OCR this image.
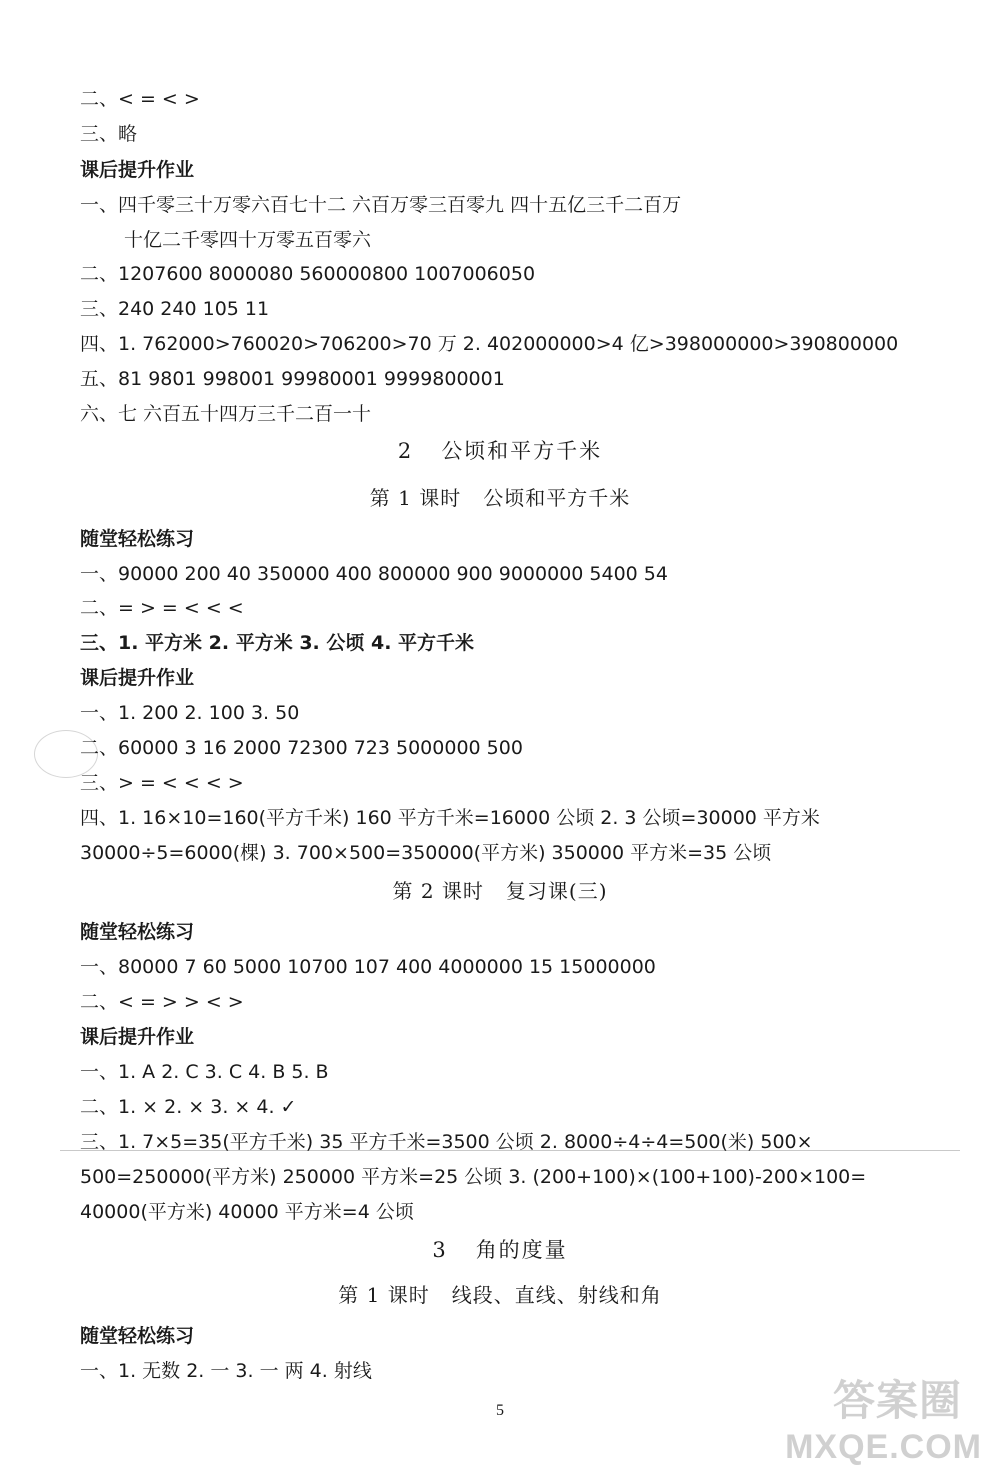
二、< = < >
三、略
课后提升作业
一、四千零三十万零六百七十二 六百万零三百零九 四十五亿三千二百万
十亿二千零四十万零五百零六
二、1207600 8000080 560000800 1007006050
三、240 240 105 11
四、1. 762000>760020>706200>70 万 2. 402000000>4 亿>398000000>390800000
五、81 9801 998001 99980001 9999800001
六、七 六百五十四万三千二百一十
2 公顷和平方千米
第 1 课时 公顷和平方千米
随堂轻松练习
一、90000 200 40 350000 400 800000 900 9000000 5400 54
二、= > = < < <
三、1. 平方米 2. 平方米 3. 公顷 4. 平方千米
课后提升作业
一、1. 200 2. 100 3. 50
二、60000 3 16 2000 72300 723 5000000 500
三、> = < < < >
四、1. 16×10=160(平方千米) 160 平方千米=16000 公顷 2. 3 公顷=30000 平方米
30000÷5=6000(棵) 3. 700×500=350000(平方米) 350000 平方米=35 公顷
第 2 课时 复习课(三)
随堂轻松练习
一、80000 7 60 5000 10700 107 400 4000000 15 15000000
二、< = > > < >
课后提升作业
一、1. A 2. C 3. C 4. B 5. B
二、1. × 2. × 3. × 4. ✓
三、1. 7×5=35(平方千米) 35 平方千米=3500 公顷 2. 8000÷4÷4=500(米) 500×
500=250000(平方米) 250000 平方米=25 公顷 3. (200+100)×(100+100)-200×100=
40000(平方米) 40000 平方米=4 公顷
3 角的度量
第 1 课时 线段、直线、射线和角
随堂轻松练习
一、1. 无数 2. 一 3. 一 两 4. 射线
5	答案圈
MXQE.COM
